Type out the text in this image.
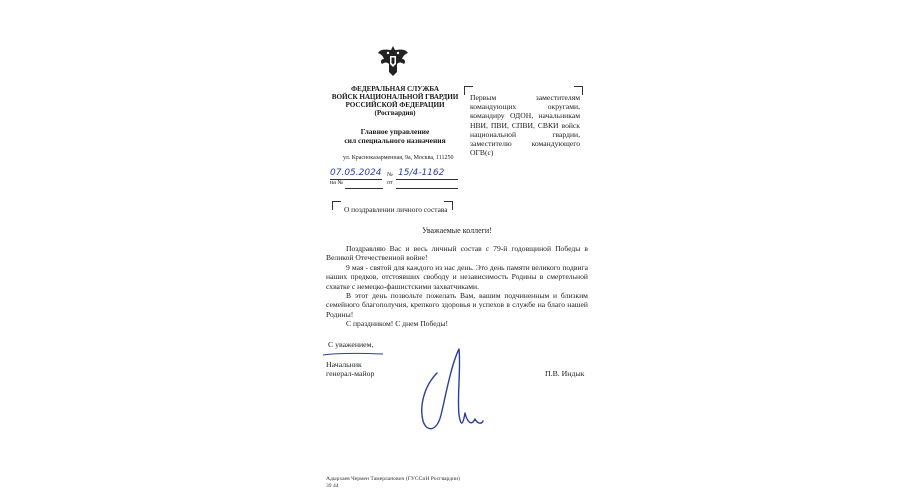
ФЕДЕРАЛЬНАЯ СЛУЖБА
ВОЙСК НАЦИОНАЛЬНОЙ ГВАРДИИ
РОССИЙСКОЙ ФЕДЕРАЦИИ
(Росгвардия)
Главное управление
сил специального назначения
ул. Красноказарменная, 9а, Москва, 111250
07.05.2024 № 15/4-1162
на №	от
Первым заместителям командующих округами, командиру ОДОН, начальникам НВИ, ПВИ, СПВИ, СВКИ войск национальной гвардии, заместителю командующего ОГВ(с)
О поздравлении личного состава
Уважаемые коллеги!

Поздравляю Вас и весь личный состав с 79-й годовщиной Победы в Великой Отечественной войне!

9 мая - святой для каждого из нас день. Это день памяти великого подвига наших предков, отстоявших свободу и независимость Родины в смертельной схватке с немецко-фашистскими захватчиками.

В этот день позвольте пожелать Вам, вашим подчиненным и близким семейного благополучия, крепкого здоровья и успехов в службе на благо нашей Родины!

С праздником! С днем Победы!

С уважением,
Начальник
генерал-майор	П.В. Индык
Адырхаев Чермен Тамерланович (ГУССиН Росгвардии)
39 44
